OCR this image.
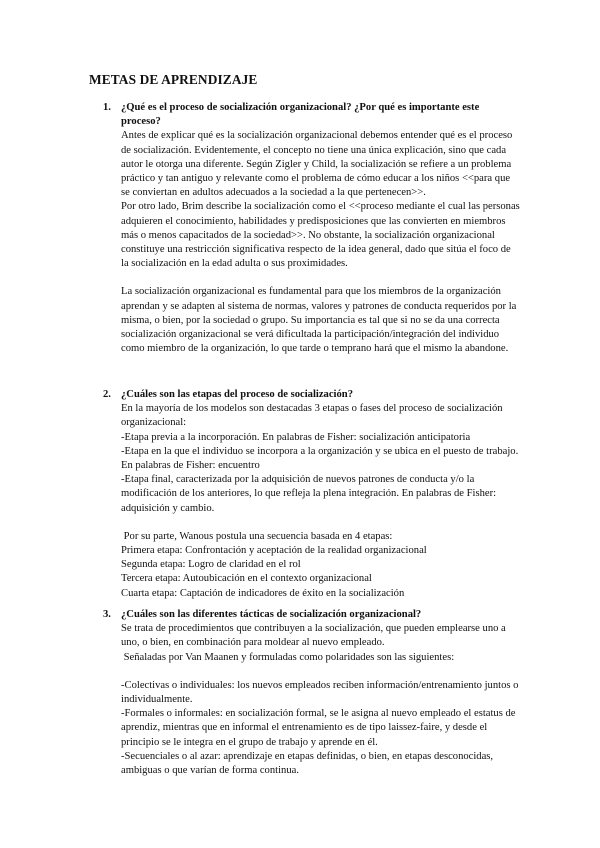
METAS DE APRENDIZAJE
1. ¿Qué es el proceso de socialización organizacional? ¿Por qué es importante este proceso?

Antes de explicar qué es la socialización organizacional debemos entender qué es el proceso de socialización. Evidentemente, el concepto no tiene una única explicación, sino que cada autor le otorga una diferente. Según Zigler y Child, la socialización se refiere a un problema práctico y tan antiguo y relevante como el problema de cómo educar a los niños <<para que se conviertan en adultos adecuados a la sociedad a la que pertenecen>>.

Por otro lado, Brim describe la socialización como el <<proceso mediante el cual las personas adquieren el conocimiento, habilidades y predisposiciones que las convierten en miembros más o menos capacitados de la sociedad>>. No obstante, la socialización organizacional constituye una restricción significativa respecto de la idea general, dado que sitúa el foco de la socialización en la edad adulta o sus proximidades.

La socialización organizacional es fundamental para que los miembros de la organización aprendan y se adapten al sistema de normas, valores y patrones de conducta requeridos por la misma, o bien, por la sociedad o grupo. Su importancia es tal que si no se da una correcta socialización organizacional se verá dificultada la participación/integración del individuo como miembro de la organización, lo que tarde o temprano hará que el mismo la abandone.

2. ¿Cuáles son las etapas del proceso de socialización?

En la mayoría de los modelos son destacadas 3 etapas o fases del proceso de socialización organizacional:

-Etapa previa a la incorporación. En palabras de Fisher: socialización anticipatoria

-Etapa en la que el individuo se incorpora a la organización y se ubica en el puesto de trabajo. En palabras de Fisher: encuentro

-Etapa final, caracterizada por la adquisición de nuevos patrones de conducta y/o la modificación de los anteriores, lo que refleja la plena integración. En palabras de Fisher: adquisición y cambio.

Por su parte, Wanous postula una secuencia basada en 4 etapas:

Primera etapa: Confrontación y aceptación de la realidad organizacional

Segunda etapa: Logro de claridad en el rol

Tercera etapa: Autoubicación en el contexto organizacional

Cuarta etapa: Captación de indicadores de éxito en la socialización

3. ¿Cuáles son las diferentes tácticas de socialización organizacional?

Se trata de procedimientos que contribuyen a la socialización, que pueden emplearse uno a uno, o bien, en combinación para moldear al nuevo empleado.

Señaladas por Van Maanen y formuladas como polaridades son las siguientes:

-Colectivas o individuales: los nuevos empleados reciben información/entrenamiento juntos o individualmente.

-Formales o informales: en socialización formal, se le asigna al nuevo empleado el estatus de aprendiz, mientras que en informal el entrenamiento es de tipo laissez-faire, y desde el principio se le integra en el grupo de trabajo y aprende en él.

-Secuenciales o al azar: aprendizaje en etapas definidas, o bien, en etapas desconocidas, ambiguas o que varían de forma continua.
